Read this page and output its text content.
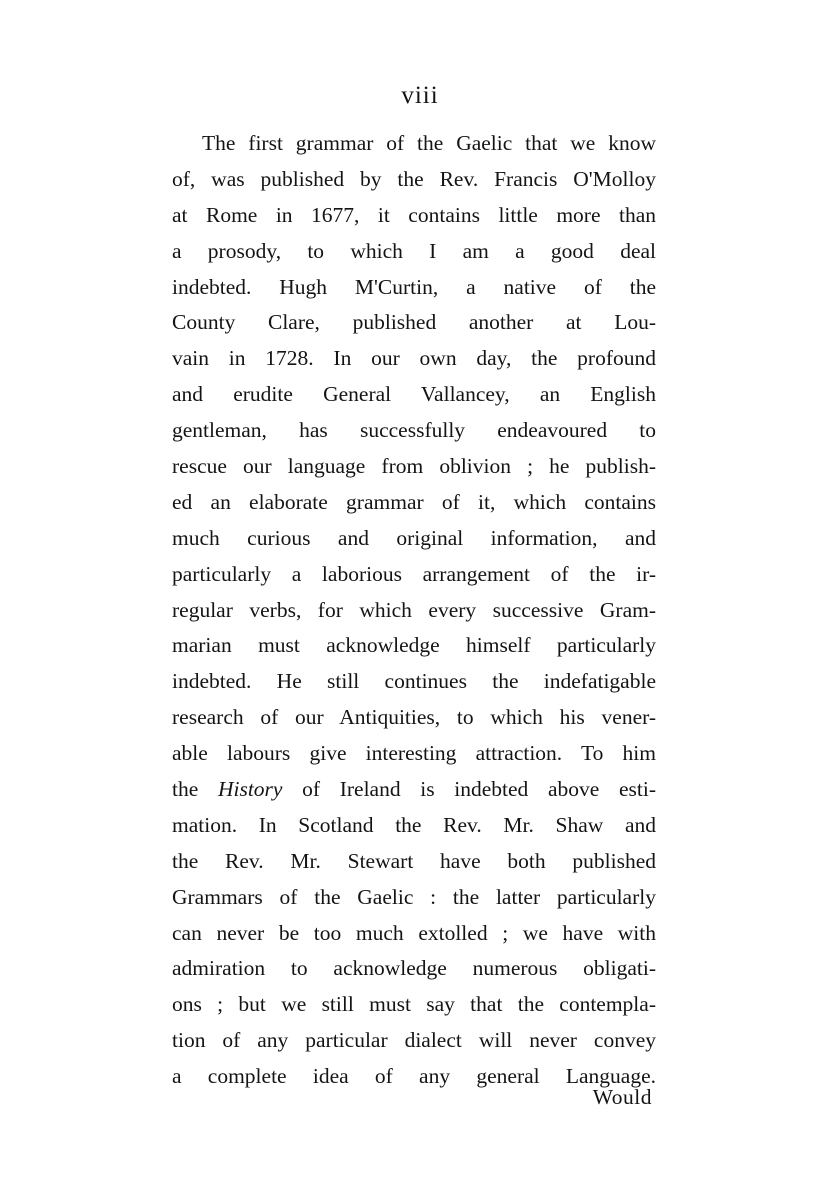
viii
The first grammar of the Gaelic that we know
of, was published by the Rev. Francis O'Molloy
at Rome in 1677, it contains little more than
a prosody, to which I am a good deal
indebted. Hugh M'Curtin, a native of the
County Clare, published another at Lou-
vain in 1728. In our own day, the profound
and erudite General Vallancey, an English
gentleman, has successfully endeavoured to
rescue our language from oblivion ; he publish-
ed an elaborate grammar of it, which contains
much curious and original information, and
particularly a laborious arrangement of the ir-
regular verbs, for which every successive Gram-
marian must acknowledge himself particularly
indebted. He still continues the indefatigable
research of our Antiquities, to which his vener-
able labours give interesting attraction. To him
the History of Ireland is indebted above esti-
mation. In Scotland the Rev. Mr. Shaw and
the Rev. Mr. Stewart have both published
Grammars of the Gaelic : the latter particularly
can never be too much extolled ; we have with
admiration to acknowledge numerous obligati-
ons ; but we still must say that the contempla-
tion of any particular dialect will never convey
a complete idea of any general Language.
Would
